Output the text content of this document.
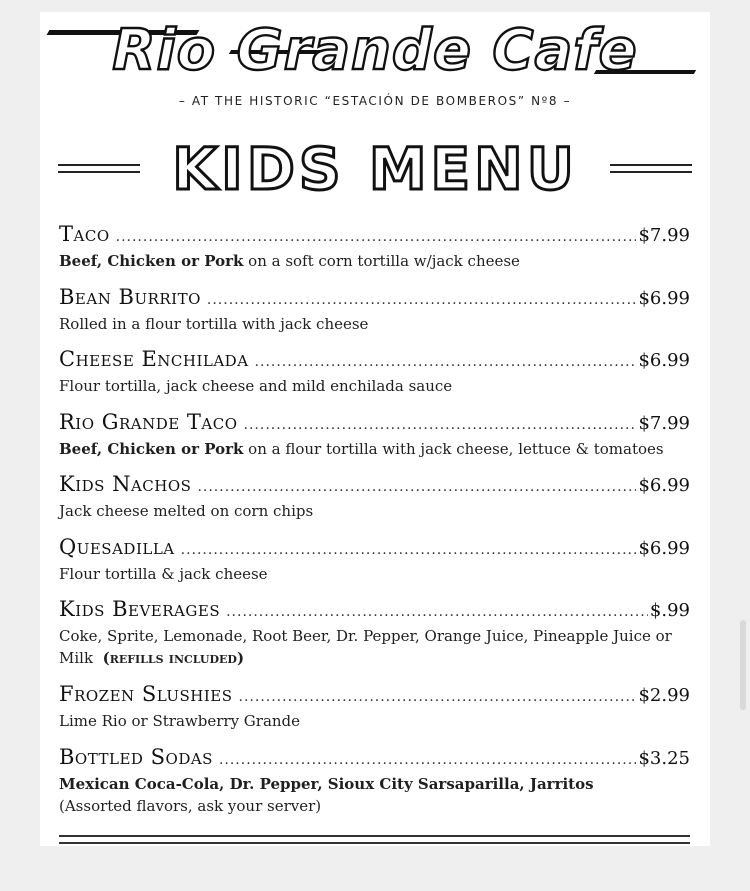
Rio Grande Cafe
– AT THE HISTORIC “ESTACIÓN DE BOMBEROS” Nº8 –
KIDS MENU
Taco .....	$7.99
Beef, Chicken or Pork on a soft corn tortilla w/jack cheese
Bean Burrito .....	$6.99
Rolled in a flour tortilla with jack cheese
Cheese Enchilada .....	$6.99
Flour tortilla, jack cheese and mild enchilada sauce
Rio Grande Taco .....	$7.99
Beef, Chicken or Pork on a flour tortilla with jack cheese, lettuce & tomatoes
Kids Nachos .....	$6.99
Jack cheese melted on corn chips
Quesadilla .....	$6.99
Flour tortilla & jack cheese
Kids Beverages .....	$.99
Coke, Sprite, Lemonade, Root Beer, Dr. Pepper, Orange Juice, Pineapple Juice or Milk (refills included)
Frozen Slushies .....	$2.99
Lime Rio or Strawberry Grande
Bottled Sodas .....	$3.25
Mexican Coca-Cola, Dr. Pepper, Sioux City Sarsaparilla, Jarritos
(Assorted flavors, ask your server)
